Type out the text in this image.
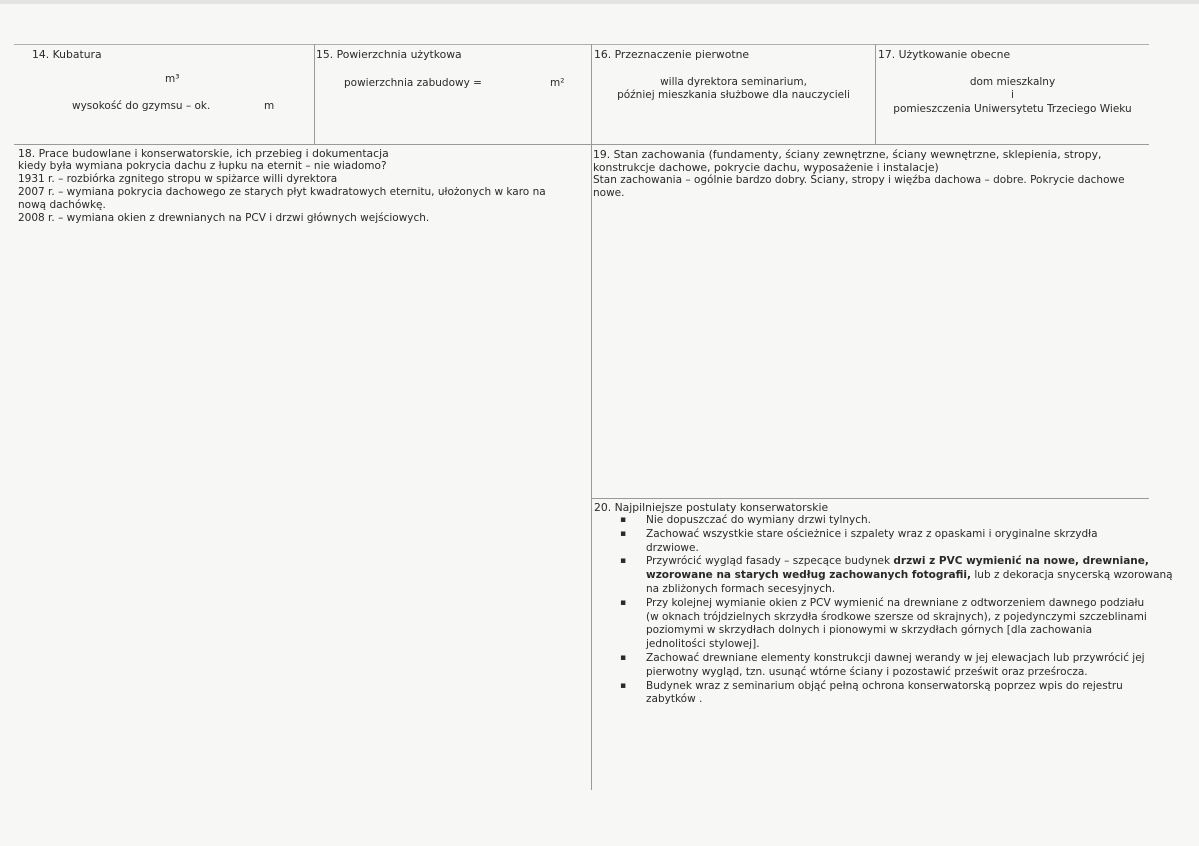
14. Kubatura
m³
wysokość do gzymsu – ok.	m
15. Powierzchnia użytkowa
powierzchnia zabudowy =	m²
16. Przeznaczenie pierwotne
willa dyrektora seminarium,
później mieszkania służbowe dla nauczycieli
17. Użytkowanie obecne
dom mieszkalny
i
pomieszczenia Uniwersytetu Trzeciego Wieku
18. Prace budowlane i konserwatorskie, ich przebieg i dokumentacja
kiedy była wymiana pokrycia dachu z łupku na eternit – nie wiadomo?
1931 r. – rozbiórka zgnitego stropu w spiżarce willi dyrektora
2007 r. – wymiana pokrycia dachowego ze starych płyt kwadratowych eternitu, ułożonych w karo na
nową dachówkę.
2008 r. – wymiana okien z drewnianych na PCV i drzwi głównych wejściowych.
19. Stan zachowania (fundamenty, ściany zewnętrzne, ściany wewnętrzne, sklepienia, stropy,
konstrukcje dachowe, pokrycie dachu, wyposażenie i instalacje)
Stan zachowania – ogólnie bardzo dobry. Ściany, stropy i więźba dachowa – dobre. Pokrycie dachowe
nowe.
20. Najpilniejsze postulaty konserwatorskie
▪ Nie dopuszczać do wymiany drzwi tylnych.
▪ Zachować wszystkie stare ościeżnice i szpalety wraz z opaskami i oryginalne skrzydła
drzwiowe.
▪ Przywrócić wygląd fasady – szpecące budynek drzwi z PVC wymienić na nowe, drewniane,
wzorowane na starych według zachowanych fotografii, lub z dekoracja snycerską wzorowaną
na zbliżonych formach secesyjnych.
▪ Przy kolejnej wymianie okien z PCV wymienić na drewniane z odtworzeniem dawnego podziału
(w oknach trójdzielnych skrzydła środkowe szersze od skrajnych), z pojedynczymi szczeblinami
poziomymi w skrzydłach dolnych i pionowymi w skrzydłach górnych [dla zachowania
jednolitości stylowej].
▪ Zachować drewniane elementy konstrukcji dawnej werandy w jej elewacjach lub przywrócić jej
pierwotny wygląd, tzn. usunąć wtórne ściany i pozostawić prześwit oraz prześrocza.
▪ Budynek wraz z seminarium objąć pełną ochrona konserwatorską poprzez wpis do rejestru
zabytków .
